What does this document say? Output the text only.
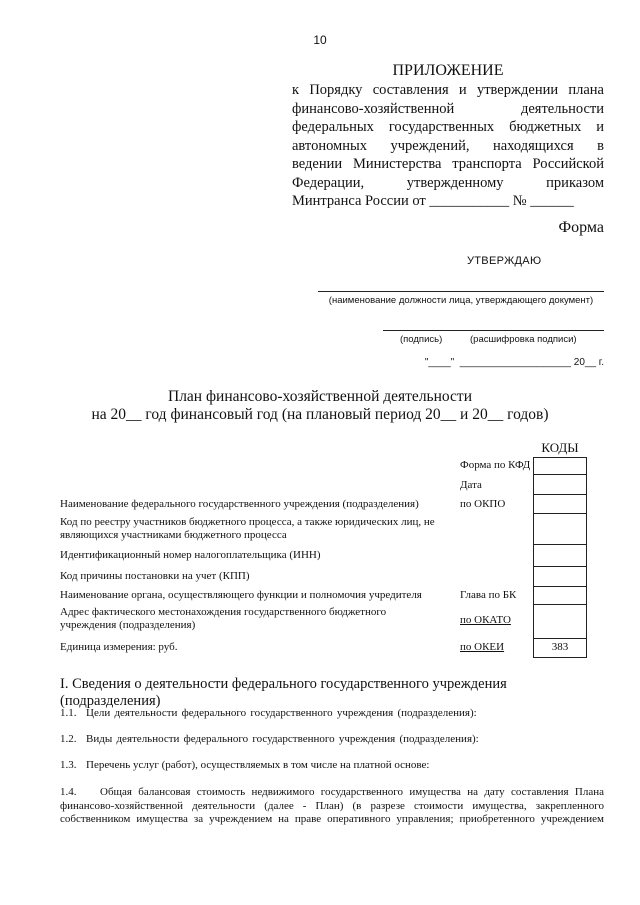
10
ПРИЛОЖЕНИЕ
к Порядку составления и утверждении плана
финансово-хозяйственной деятельности
федеральных государственных бюджетных и
автономных учреждений, находящихся в
ведении Министерства транспорта Российской
Федерации, утвержденному приказом
Минтранса России от ___________ № ______
Форма
УТВЕРЖДАЮ
(наименование должности лица, утверждающего документ)
(подпись)	(расшифровка подписи)
"____"  ____________________ 20__ г.
План финансово-хозяйственной деятельности
на 20__ год финансовый год (на плановый период 20__ и 20__ годов)
КОДЫ
Форма по КФД
Дата
Наименование федерального государственного учреждения (подразделения)	по ОКПО
Код по реестру участников бюджетного процесса, а также юридических лиц, не являющихся участниками бюджетного процесса
Идентификационный номер налогоплательщика (ИНН)
Код причины постановки на учет (КПП)
Наименование органа, осуществляющего функции и полномочия учредителя	Глава по БК
Адрес фактического местонахождения государственного бюджетного учреждения (подразделения)	по ОКАТО
Единица измерения: руб.	по ОКЕИ	383
I. Сведения о деятельности федерального государственного учреждения (подразделения)
1.1. Цели деятельности федерального государственного учреждения (подразделения):
1.2. Виды деятельности федерального государственного учреждения (подразделения):
1.3. Перечень услуг (работ), осуществляемых в том числе на платной основе:
1.4.	Общая балансовая стоимость недвижимого государственного имущества на дату составления Плана
финансово-хозяйственной деятельности (далее - План) (в разрезе стоимости имущества, закрепленного
собственником имущества за учреждением на праве оперативного управления; приобретенного учреждением
